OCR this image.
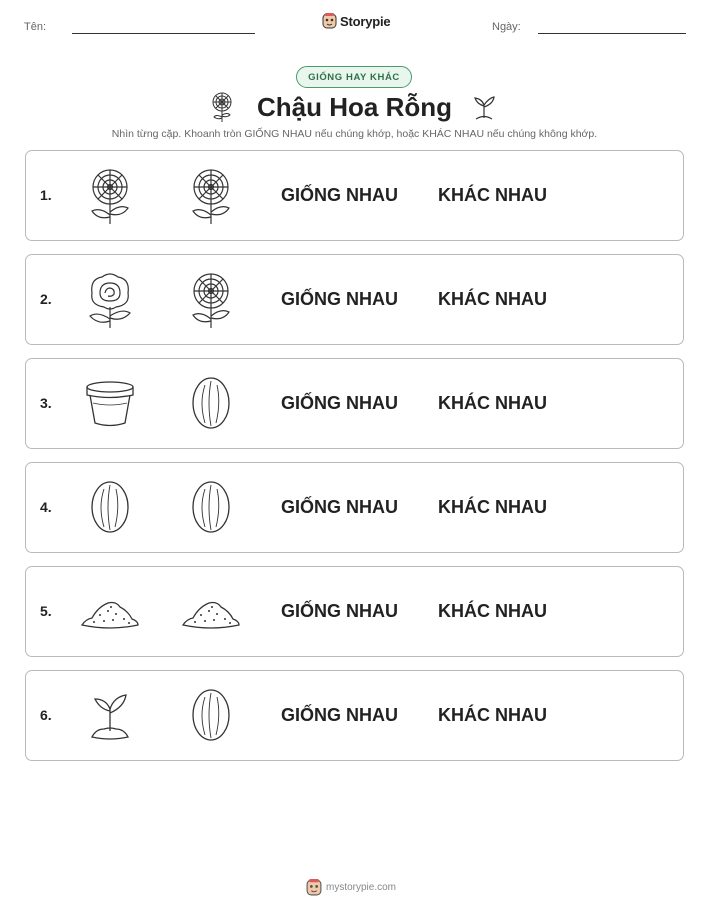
Tên:	Storypie	Ngày:
GIỐNG HAY KHÁC
Chậu Hoa Rỗng
Nhìn từng cặp. Khoanh tròn GIỐNG NHAU nếu chúng khớp, hoặc KHÁC NHAU nếu chúng không khớp.
1.	GIỐNG NHAU KHÁC NHAU
2.	GIỐNG NHAU KHÁC NHAU
3.	GIỐNG NHAU KHÁC NHAU
4.	GIỐNG NHAU KHÁC NHAU
5.	GIỐNG NHAU KHÁC NHAU
6.	GIỐNG NHAU KHÁC NHAU
mystorypie.com
